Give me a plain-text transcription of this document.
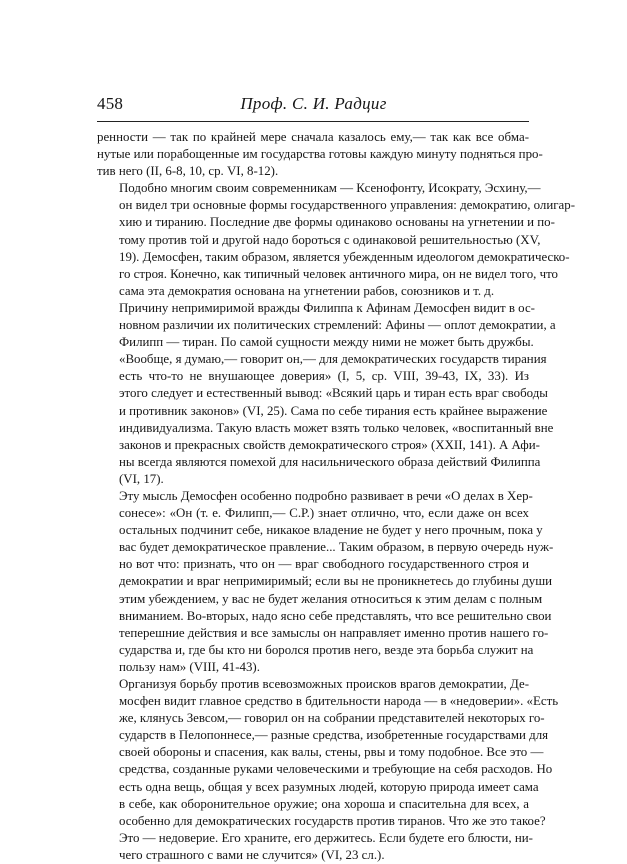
458	Проф. С. И. Радциг

ренности — так по крайней мере сначала казалось ему,— так как все обма-
нутые или порабощенные им государства готовы каждую минуту подняться про-
тив него (II, 6-8, 10, ср. VI, 8-12).

Подобно многим своим современникам — Ксенофонту, Исократу, Эсхину,—
он видел три основные формы государственного управления: демократию, олигар-
хию и тиранию. Последние две формы одинаково основаны на угнетении и по-
тому против той и другой надо бороться с одинаковой решительностью (XV,
19). Демосфен, таким образом, является убежденным идеологом демократическо-
го строя. Конечно, как типичный человек античного мира, он не видел того, что
сама эта демократия основана на угнетении рабов, союзников и т. д.

Причину непримиримой вражды Филиппа к Афинам Демосфен видит в ос-
новном различии их политических стремлений: Афины — оплот демократии, а
Филипп — тиран. По самой сущности между ними не может быть дружбы.
«Вообще, я думаю,— говорит он,— для демократических государств тирания
есть что-то не внушающее доверия» (I, 5, ср. VIII, 39-43, IX, 33). Из
этого следует и естественный вывод: «Всякий царь и тиран есть враг свободы
и противник законов» (VI, 25). Сама по себе тирания есть крайнее выражение
индивидуализма. Такую власть может взять только человек, «воспитанный вне
законов и прекрасных свойств демократического строя» (XXII, 141). А Афи-
ны всегда являются помехой для насильнического образа действий Филиппа
(VI, 17).

Эту мысль Демосфен особенно подробно развивает в речи «О делах в Хер-
сонесе»: «Он (т. е. Филипп,— С.Р.) знает отлично, что, если даже он всех
остальных подчинит себе, никакое владение не будет у него прочным, пока у
вас будет демократическое правление... Таким образом, в первую очередь нуж-
но вот что: признать, что он — враг свободного государственного строя и
демократии и враг непримиримый; если вы не проникнетесь до глубины души
этим убеждением, у вас не будет желания относиться к этим делам с полным
вниманием. Во-вторых, надо ясно себе представлять, что все решительно свои
теперешние действия и все замыслы он направляет именно против нашего го-
сударства и, где бы кто ни боролся против него, везде эта борьба служит на
пользу нам» (VIII, 41-43).

Организуя борьбу против всевозможных происков врагов демократии, Де-
мосфен видит главное средство в бдительности народа — в «недоверии». «Есть
же, клянусь Зевсом,— говорил он на собрании представителей некоторых го-
сударств в Пелопоннесе,— разные средства, изобретенные государствами для
своей обороны и спасения, как валы, стены, рвы и тому подобное. Все это —
средства, созданные руками человеческими и требующие на себя расходов. Но
есть одна вещь, общая у всех разумных людей, которую природа имеет сама
в себе, как оборонительное оружие; она хороша и спасительна для всех, а
особенно для демократических государств против тиранов. Что же это такое?
Это — недоверие. Его храните, его держитесь. Если будете его блюсти, ни-
чего страшного с вами не случится» (VI, 23 сл.).
